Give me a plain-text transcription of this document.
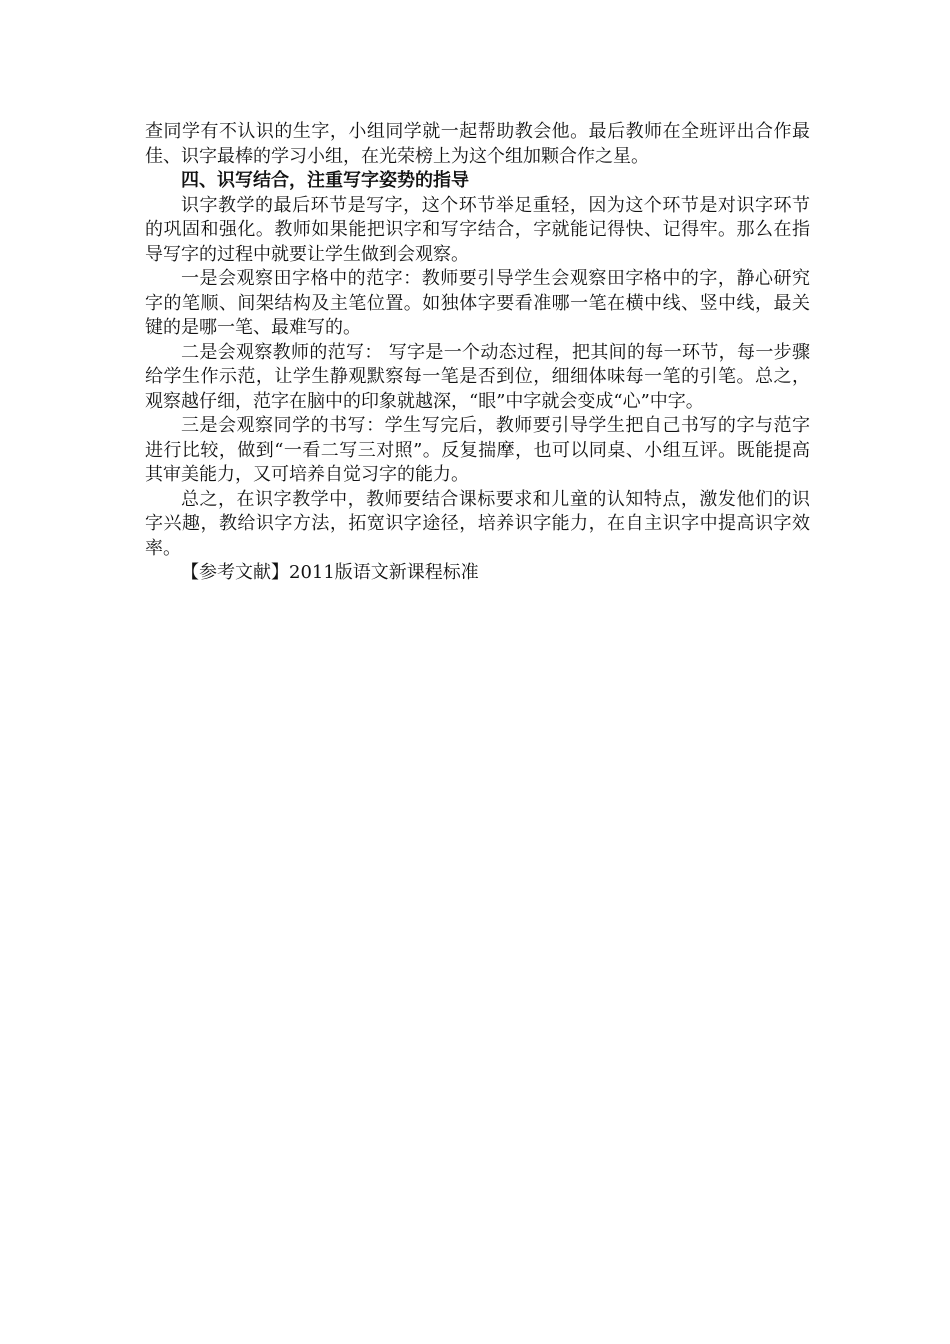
查同学有不认识的生字，小组同学就一起帮助教会他。最后教师在全班评出合作最佳、识字最棒的学习小组，在光荣榜上为这个组加颗合作之星。

四、识写结合，注重写字姿势的指导

识字教学的最后环节是写字，这个环节举足重轻，因为这个环节是对识字环节的巩固和强化。教师如果能把识字和写字结合，字就能记得快、记得牢。那么在指导写字的过程中就要让学生做到会观察。

一是会观察田字格中的范字：教师要引导学生会观察田字格中的字，静心研究字的笔顺、间架结构及主笔位置。如独体字要看准哪一笔在横中线、竖中线，最关键的是哪一笔、最难写的。

二是会观察教师的范写： 写字是一个动态过程，把其间的每一环节，每一步骤给学生作示范，让学生静观默察每一笔是否到位，细细体味每一笔的引笔。总之，观察越仔细，范字在脑中的印象就越深，“眼”中字就会变成“心”中字。

三是会观察同学的书写：学生写完后，教师要引导学生把自己书写的字与范字进行比较，做到“一看二写三对照”。反复揣摩，也可以同桌、小组互评。既能提高其审美能力，又可培养自觉习字的能力。

总之，在识字教学中，教师要结合课标要求和儿童的认知特点，激发他们的识字兴趣，教给识字方法，拓宽识字途径，培养识字能力，在自主识字中提高识字效率。

【参考文献】2011版语文新课程标准
